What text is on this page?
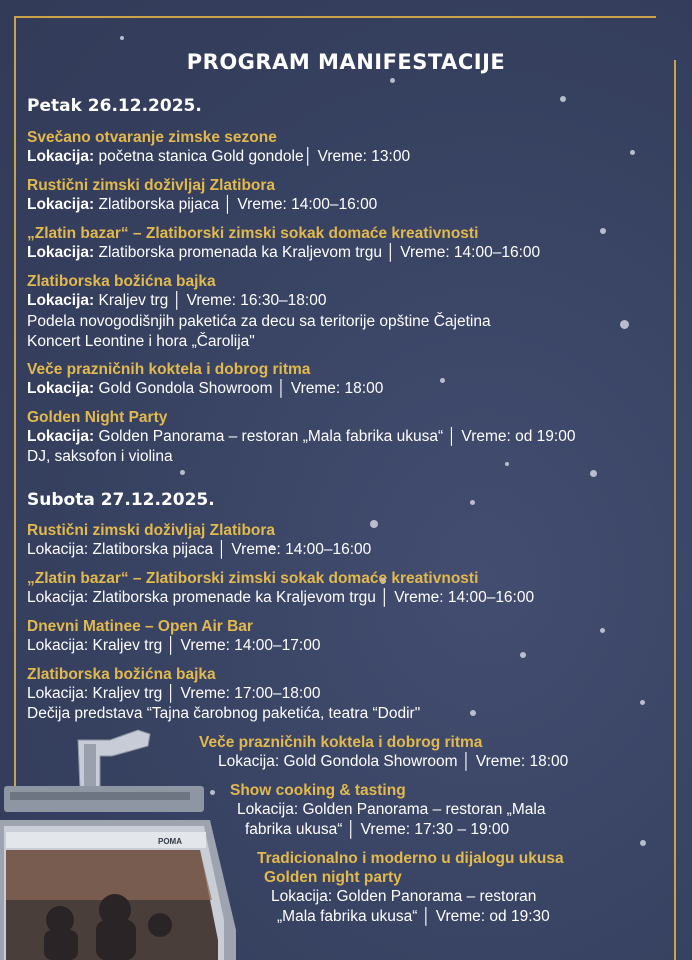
PROGRAM MANIFESTACIJE
Petak 26.12.2025.
Svečano otvaranje zimske sezone
Lokacija: početna stanica Gold gondole│ Vreme: 13:00
Rustični zimski doživljaj Zlatibora
Lokacija: Zlatiborska pijaca │ Vreme: 14:00–16:00
„Zlatin bazar“ – Zlatiborski zimski sokak domaće kreativnosti
Lokacija: Zlatiborska promenada ka Kraljevom trgu │ Vreme: 14:00–16:00
Zlatiborska božićna bajka
Lokacija: Kraljev trg │ Vreme: 16:30–18:00
Podela novogodišnjih paketića za decu sa teritorije opštine Čajetina
Koncert Leontine i hora „Čarolija"
Veče prazničnih koktela i dobrog ritma
Lokacija: Gold Gondola Showroom │ Vreme: 18:00
Golden Night Party
Lokacija: Golden Panorama – restoran „Mala fabrika ukusa“ │ Vreme: od 19:00
DJ, saksofon i violina
Subota 27.12.2025.
Rustični zimski doživljaj Zlatibora
Lokacija: Zlatiborska pijaca │ Vreme: 14:00–16:00
„Zlatin bazar“ – Zlatiborski zimski sokak domaće kreativnosti
Lokacija: Zlatiborska promenade ka Kraljevom trgu │ Vreme: 14:00–16:00
Dnevni Matinee – Open Air Bar
Lokacija: Kraljev trg │ Vreme: 14:00–17:00
Zlatiborska božićna bajka
Lokacija: Kraljev trg │ Vreme: 17:00–18:00
Dečija predstava “Tajna čarobnog paketića, teatra “Dodir"
Veče prazničnih koktela i dobrog ritma
Lokacija: Gold Gondola Showroom │ Vreme: 18:00
Show cooking & tasting
Lokacija: Golden Panorama – restoran „Mala
fabrika ukusa“ │ Vreme: 17:30 – 19:00
Tradicionalno i moderno u dijalogu ukusa
Golden night party
Lokacija: Golden Panorama – restoran
„Mala fabrika ukusa“ │ Vreme: od 19:30
POMA
